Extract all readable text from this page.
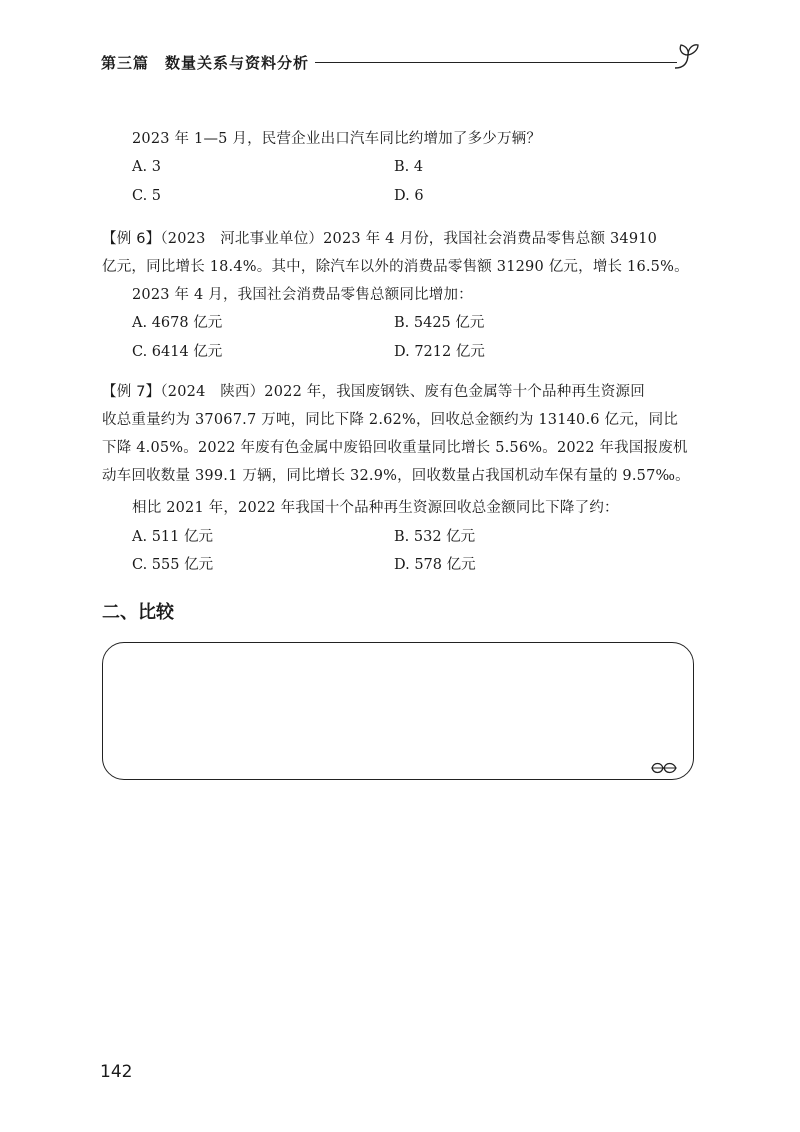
第三篇　数量关系与资料分析
2023 年 1—5 月，民营企业出口汽车同比约增加了多少万辆？
A. 3	B. 4
C. 5	D. 6
【例 6】（2023　河北事业单位）2023 年 4 月份，我国社会消费品零售总额 34910
亿元，同比增长 18.4%。其中，除汽车以外的消费品零售额 31290 亿元，增长 16.5%。
2023 年 4 月，我国社会消费品零售总额同比增加：
A. 4678 亿元	B. 5425 亿元
C. 6414 亿元	D. 7212 亿元
【例 7】（2024　陕西）2022 年，我国废钢铁、废有色金属等十个品种再生资源回
收总重量约为 37067.7 万吨，同比下降 2.62%，回收总金额约为 13140.6 亿元，同比
下降 4.05%。2022 年废有色金属中废铅回收重量同比增长 5.56%。2022 年我国报废机
动车回收数量 399.1 万辆，同比增长 32.9%，回收数量占我国机动车保有量的 9.57‰。
相比 2021 年，2022 年我国十个品种再生资源回收总金额同比下降了约：
A. 511 亿元	B. 532 亿元
C. 555 亿元	D. 578 亿元
二、比较
142
